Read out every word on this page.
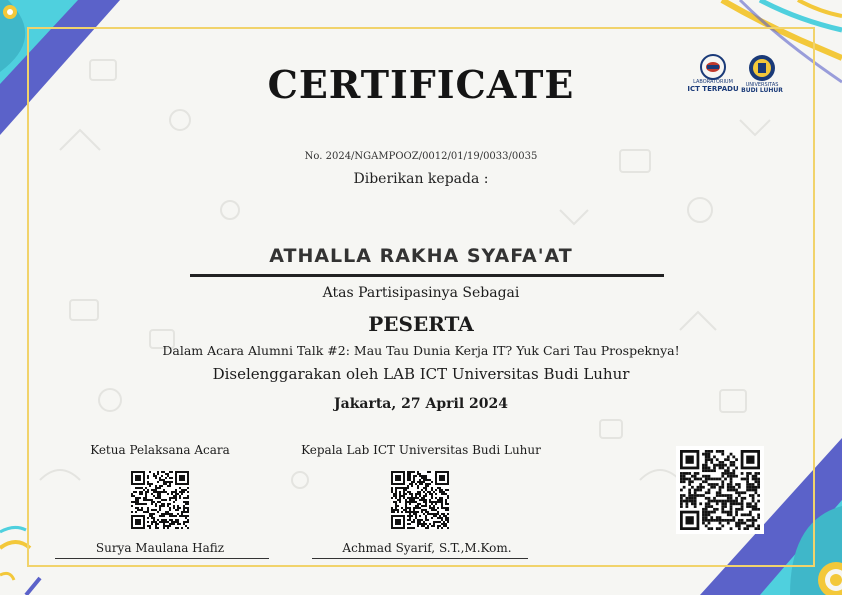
LABORATORIUM
ICT TERPADU	UNIVERSITAS
BUDI LUHUR
CERTIFICATE
No. 2024/NGAMPOOZ/0012/01/19/0033/0035
Diberikan kepada :
ATHALLA RAKHA SYAFA'AT
Atas Partisipasinya Sebagai
PESERTA
Dalam Acara Alumni Talk #2: Mau Tau Dunia Kerja IT? Yuk Cari Tau Prospeknya!
Diselenggarakan oleh LAB ICT Universitas Budi Luhur
Jakarta, 27 April 2024
Ketua Pelaksana Acara
Surya Maulana Hafiz
Kepala Lab ICT Universitas Budi Luhur
Achmad Syarif, S.T.,M.Kom.
